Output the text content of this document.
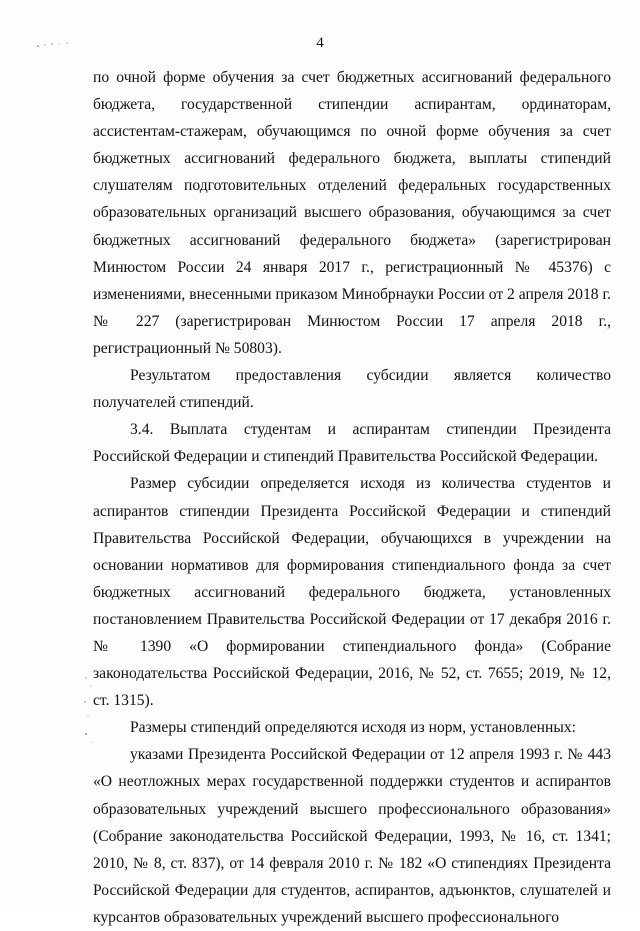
4

по очной форме обучения за счет бюджетных ассигнований федерального бюджета, государственной стипендии аспирантам, ординаторам, ассистентам-стажерам, обучающимся по очной форме обучения за счет бюджетных ассигнований федерального бюджета, выплаты стипендий слушателям подготовительных отделений федеральных государственных образовательных организаций высшего образования, обучающимся за счет бюджетных ассигнований федерального бюджета» (зарегистрирован Минюстом России 24 января 2017 г., регистрационный № 45376) с изменениями, внесенными приказом Минобрнауки России от 2 апреля 2018 г. № 227 (зарегистрирован Минюстом России 17 апреля 2018 г., регистрационный № 50803).

Результатом предоставления субсидии является количество получателей стипендий.

3.4. Выплата студентам и аспирантам стипендии Президента Российской Федерации и стипендий Правительства Российской Федерации.

Размер субсидии определяется исходя из количества студентов и аспирантов стипендии Президента Российской Федерации и стипендий Правительства Российской Федерации, обучающихся в учреждении на основании нормативов для формирования стипендиального фонда за счет бюджетных ассигнований федерального бюджета, установленных постановлением Правительства Российской Федерации от 17 декабря 2016 г. № 1390 «О формировании стипендиального фонда» (Собрание законодательства Российской Федерации, 2016, № 52, ст. 7655; 2019, № 12, ст. 1315).

Размеры стипендий определяются исходя из норм, установленных:

указами Президента Российской Федерации от 12 апреля 1993 г. № 443 «О неотложных мерах государственной поддержки студентов и аспирантов образовательных учреждений высшего профессионального образования» (Собрание законодательства Российской Федерации, 1993, № 16, ст. 1341; 2010, № 8, ст. 837), от 14 февраля 2010 г. № 182 «О стипендиях Президента Российской Федерации для студентов, аспирантов, адъюнктов, слушателей и курсантов образовательных учреждений высшего профессионального
